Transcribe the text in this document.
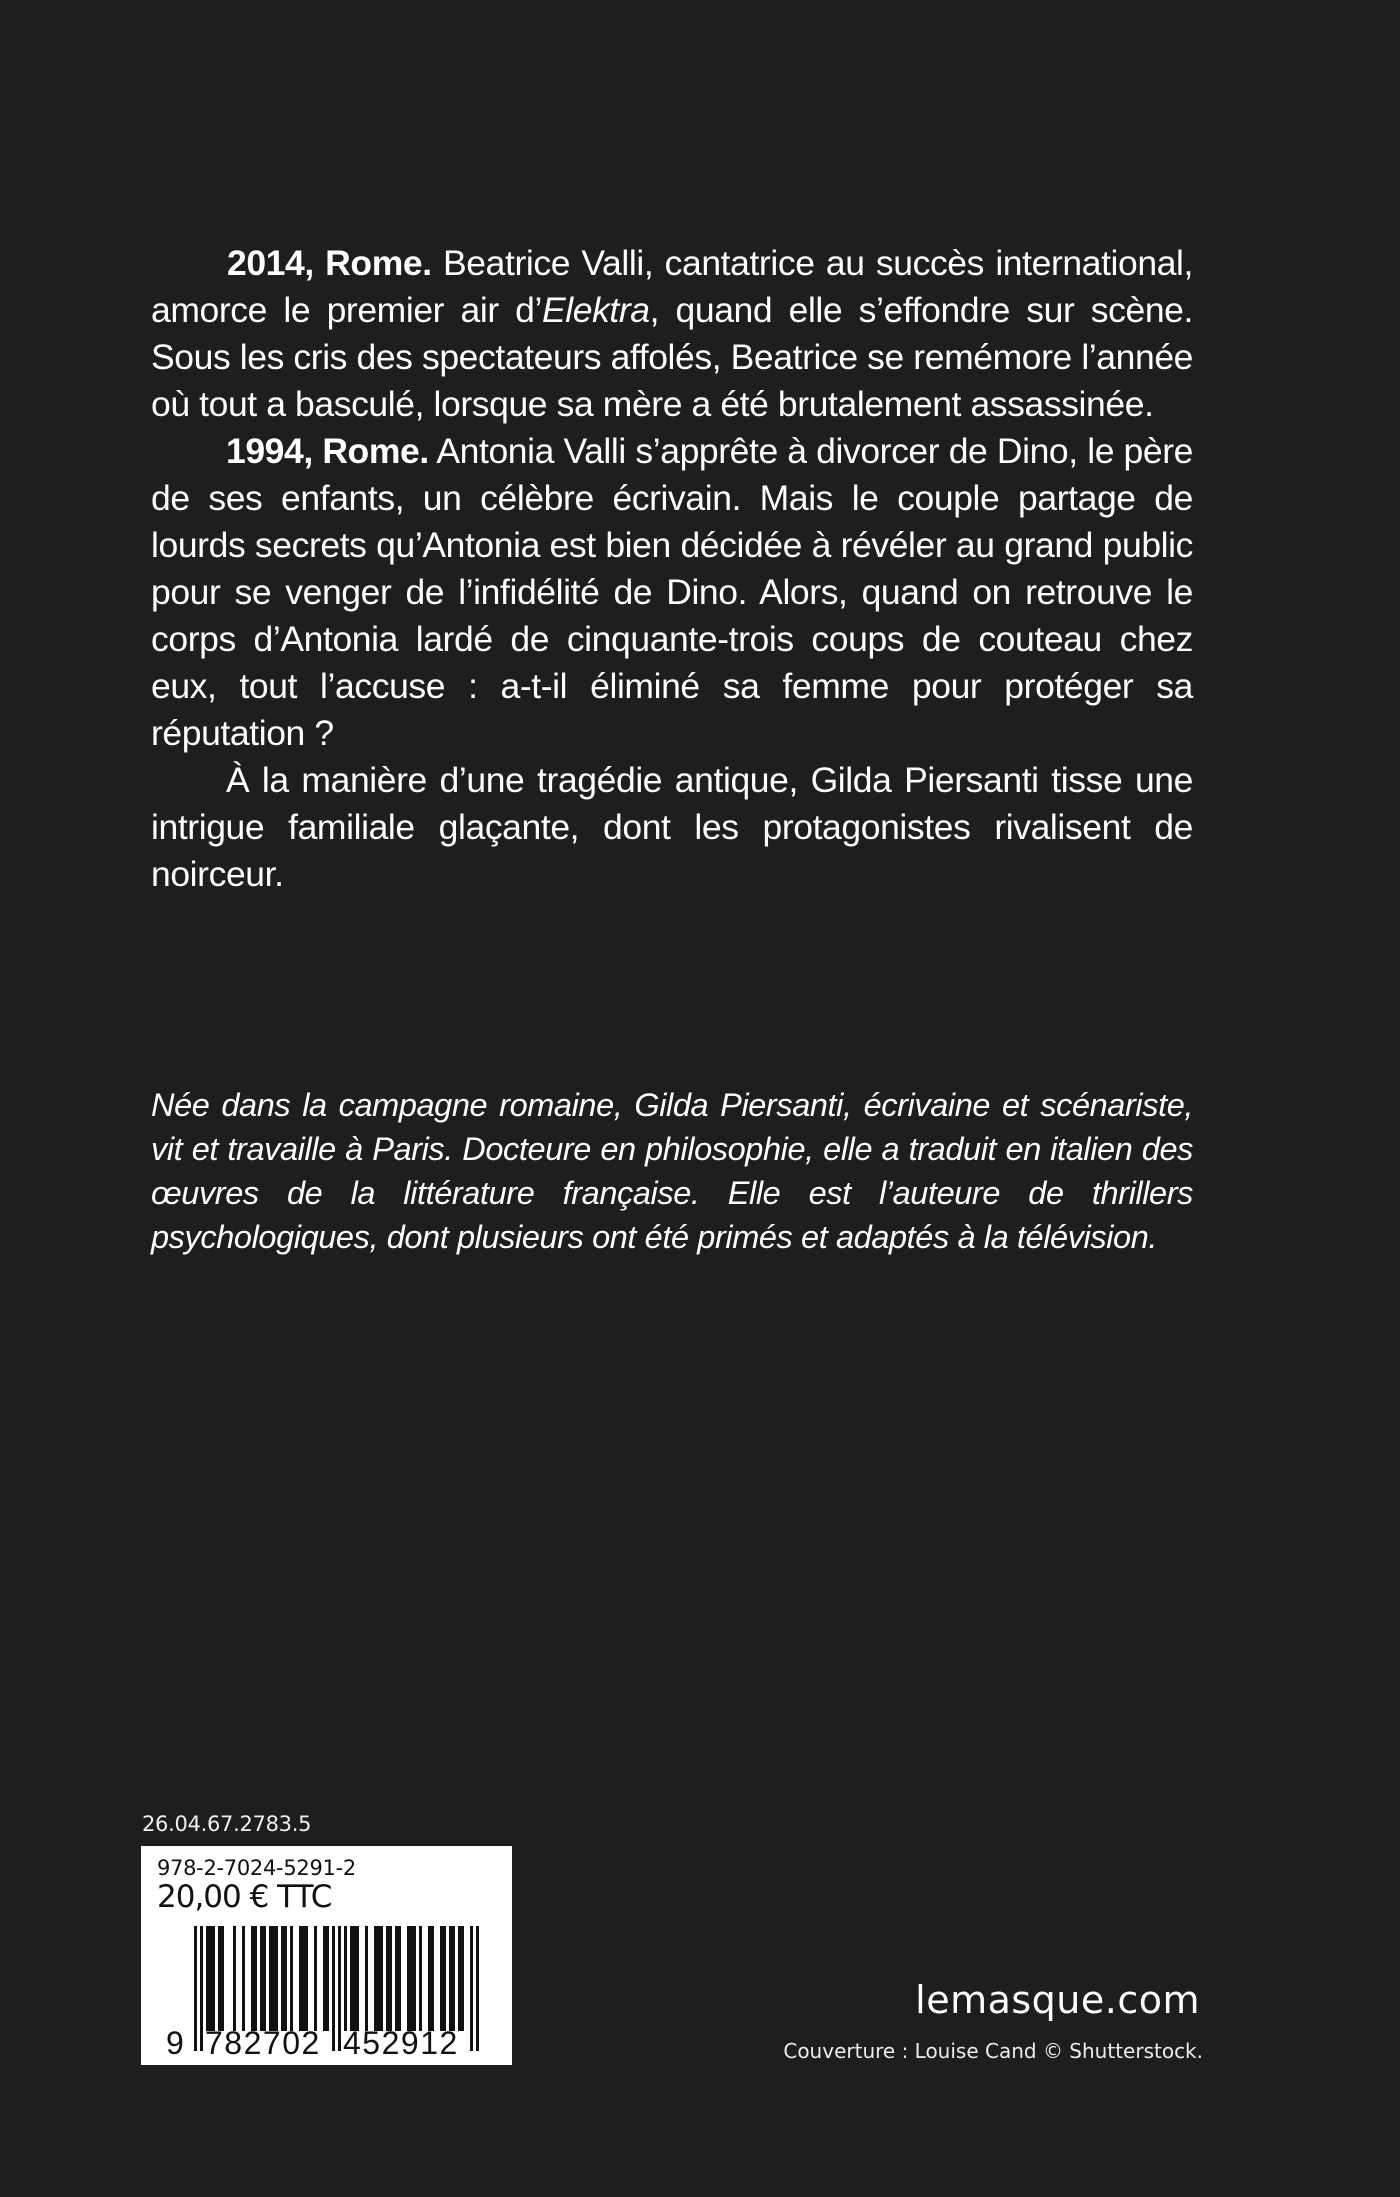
2014, Rome. Beatrice Valli, cantatrice au succès international, amorce le premier air d’Elektra, quand elle s’effondre sur scène. Sous les cris des spectateurs affolés, Beatrice se remémore l’année où tout a basculé, lorsque sa mère a été brutalement assassinée.

1994, Rome. Antonia Valli s’apprête à divorcer de Dino, le père de ses enfants, un célèbre écrivain. Mais le couple partage de lourds secrets qu’Antonia est bien décidée à révéler au grand public pour se venger de l’infidélité de Dino. Alors, quand on retrouve le corps d’Antonia lardé de cinquante-trois coups de couteau chez eux, tout l’accuse : a-t-il éliminé sa femme pour protéger sa réputation ?

À la manière d’une tragédie antique, Gilda Piersanti tisse une intrigue familiale glaçante, dont les protagonistes rivalisent de noirceur.

Née dans la campagne romaine, Gilda Piersanti, écrivaine et scénariste, vit et travaille à Paris. Docteure en philosophie, elle a traduit en italien des œuvres de la littérature française. Elle est l’auteure de thrillers psychologiques, dont plusieurs ont été primés et adaptés à la télévision.

26.04.67.2783.5
978-2-7024-5291-2
20,00 € TTC
9 782702 452912
lemasque.com
Couverture : Louise Cand © Shutterstock.
